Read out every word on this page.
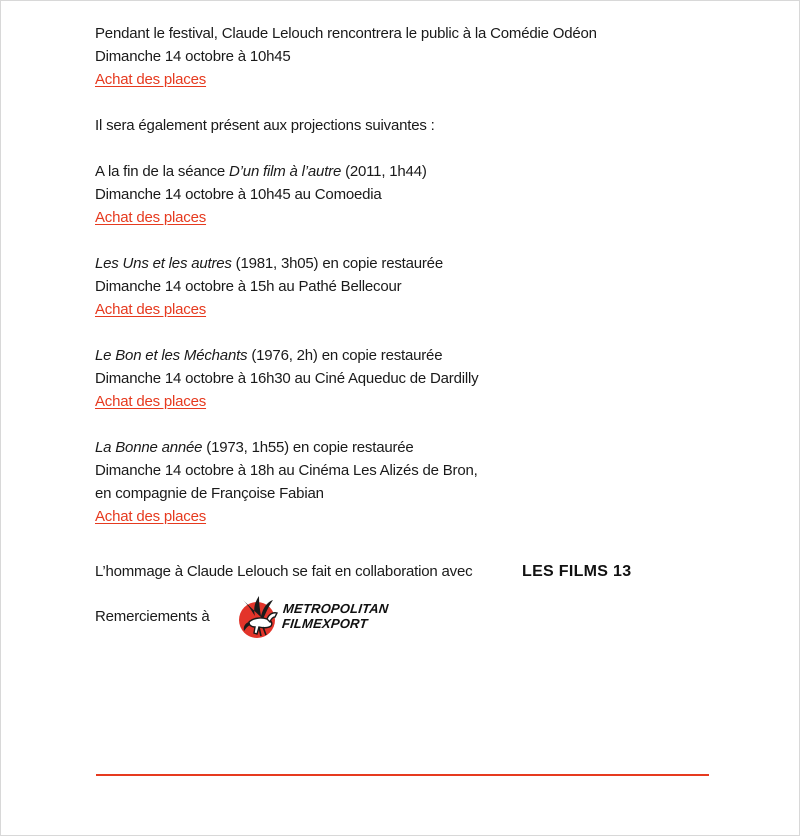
Pendant le festival, Claude Lelouch rencontrera le public à la Comédie Odéon

Dimanche 14 octobre à 10h45

Achat des places

Il sera également présent aux projections suivantes :

A la fin de la séance D’un film à l’autre (2011, 1h44)

Dimanche 14 octobre à 10h45 au Comoedia

Achat des places

Les Uns et les autres (1981, 3h05) en copie restaurée

Dimanche 14 octobre à 15h au Pathé Bellecour

Achat des places

Le Bon et les Méchants (1976, 2h) en copie restaurée

Dimanche 14 octobre à 16h30 au Ciné Aqueduc de Dardilly

Achat des places

La Bonne année (1973, 1h55) en copie restaurée

Dimanche 14 octobre à 18h au Cinéma Les Alizés de Bron,

en compagnie de Françoise Fabian

Achat des places

L’hommage à Claude Lelouch se fait en collaboration avec	LES FILMS 13
Remerciements à	METROPOLITAN
FILMEXPORT
